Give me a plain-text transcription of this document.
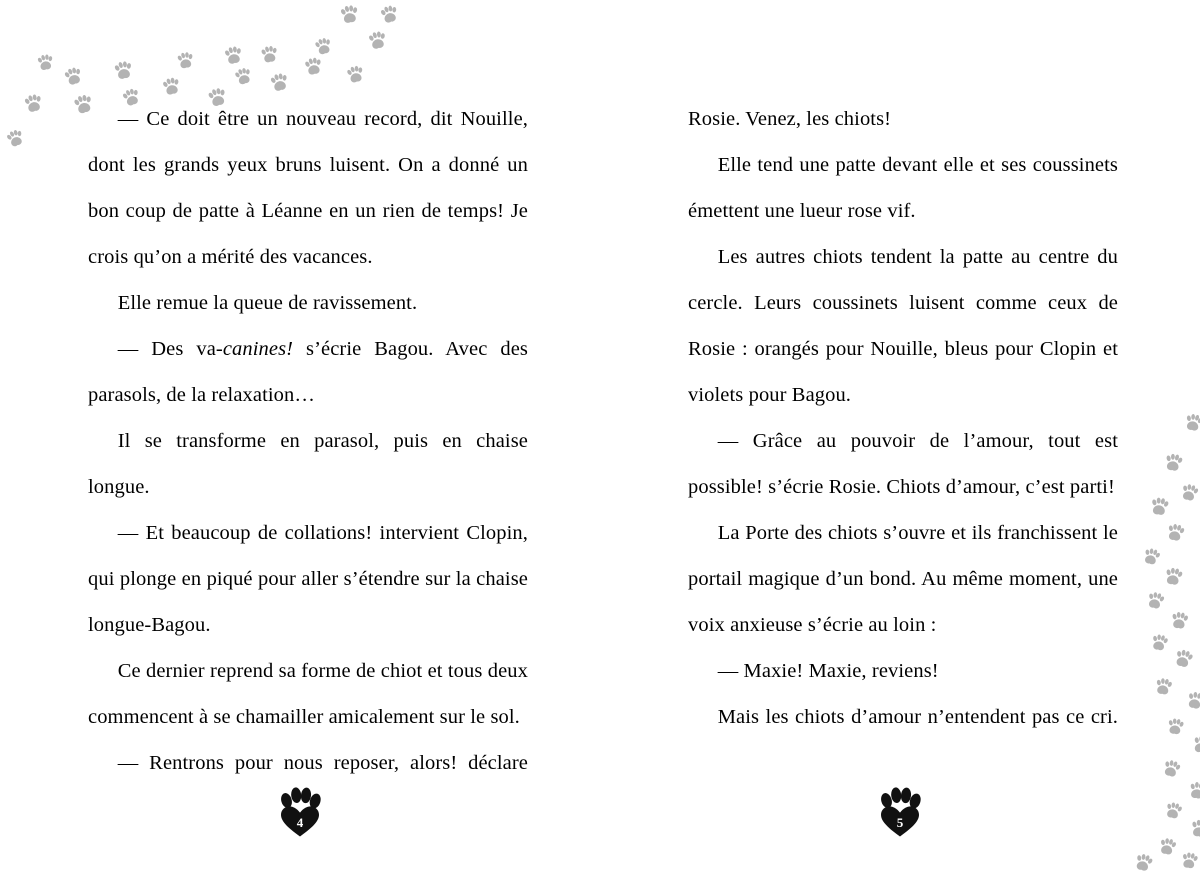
— Ce doit être un nouveau record, dit Nouille, dont les grands yeux bruns luisent. On a donné un bon coup de patte à Léanne en un rien de temps! Je crois qu’on a mérité des vacances.

Elle remue la queue de ravissement.

— Des va-canines! s’écrie Bagou. Avec des parasols, de la relaxation…

Il se transforme en parasol, puis en chaise longue.

— Et beaucoup de collations! intervient Clopin, qui plonge en piqué pour aller s’étendre sur la chaise longue-Bagou.

Ce dernier reprend sa forme de chiot et tous deux commencent à se chamailler amicalement sur le sol.

— Rentrons pour nous reposer, alors! déclare

4

Rosie. Venez, les chiots!

Elle tend une patte devant elle et ses coussinets émettent une lueur rose vif.

Les autres chiots tendent la patte au centre du cercle. Leurs coussinets luisent comme ceux de Rosie : orangés pour Nouille, bleus pour Clopin et violets pour Bagou.

— Grâce au pouvoir de l’amour, tout est possible! s’écrie Rosie. Chiots d’amour, c’est parti!

La Porte des chiots s’ouvre et ils franchissent le portail magique d’un bond. Au même moment, une voix anxieuse s’écrie au loin :

— Maxie! Maxie, reviens!

Mais les chiots d’amour n’entendent pas ce cri.

5
